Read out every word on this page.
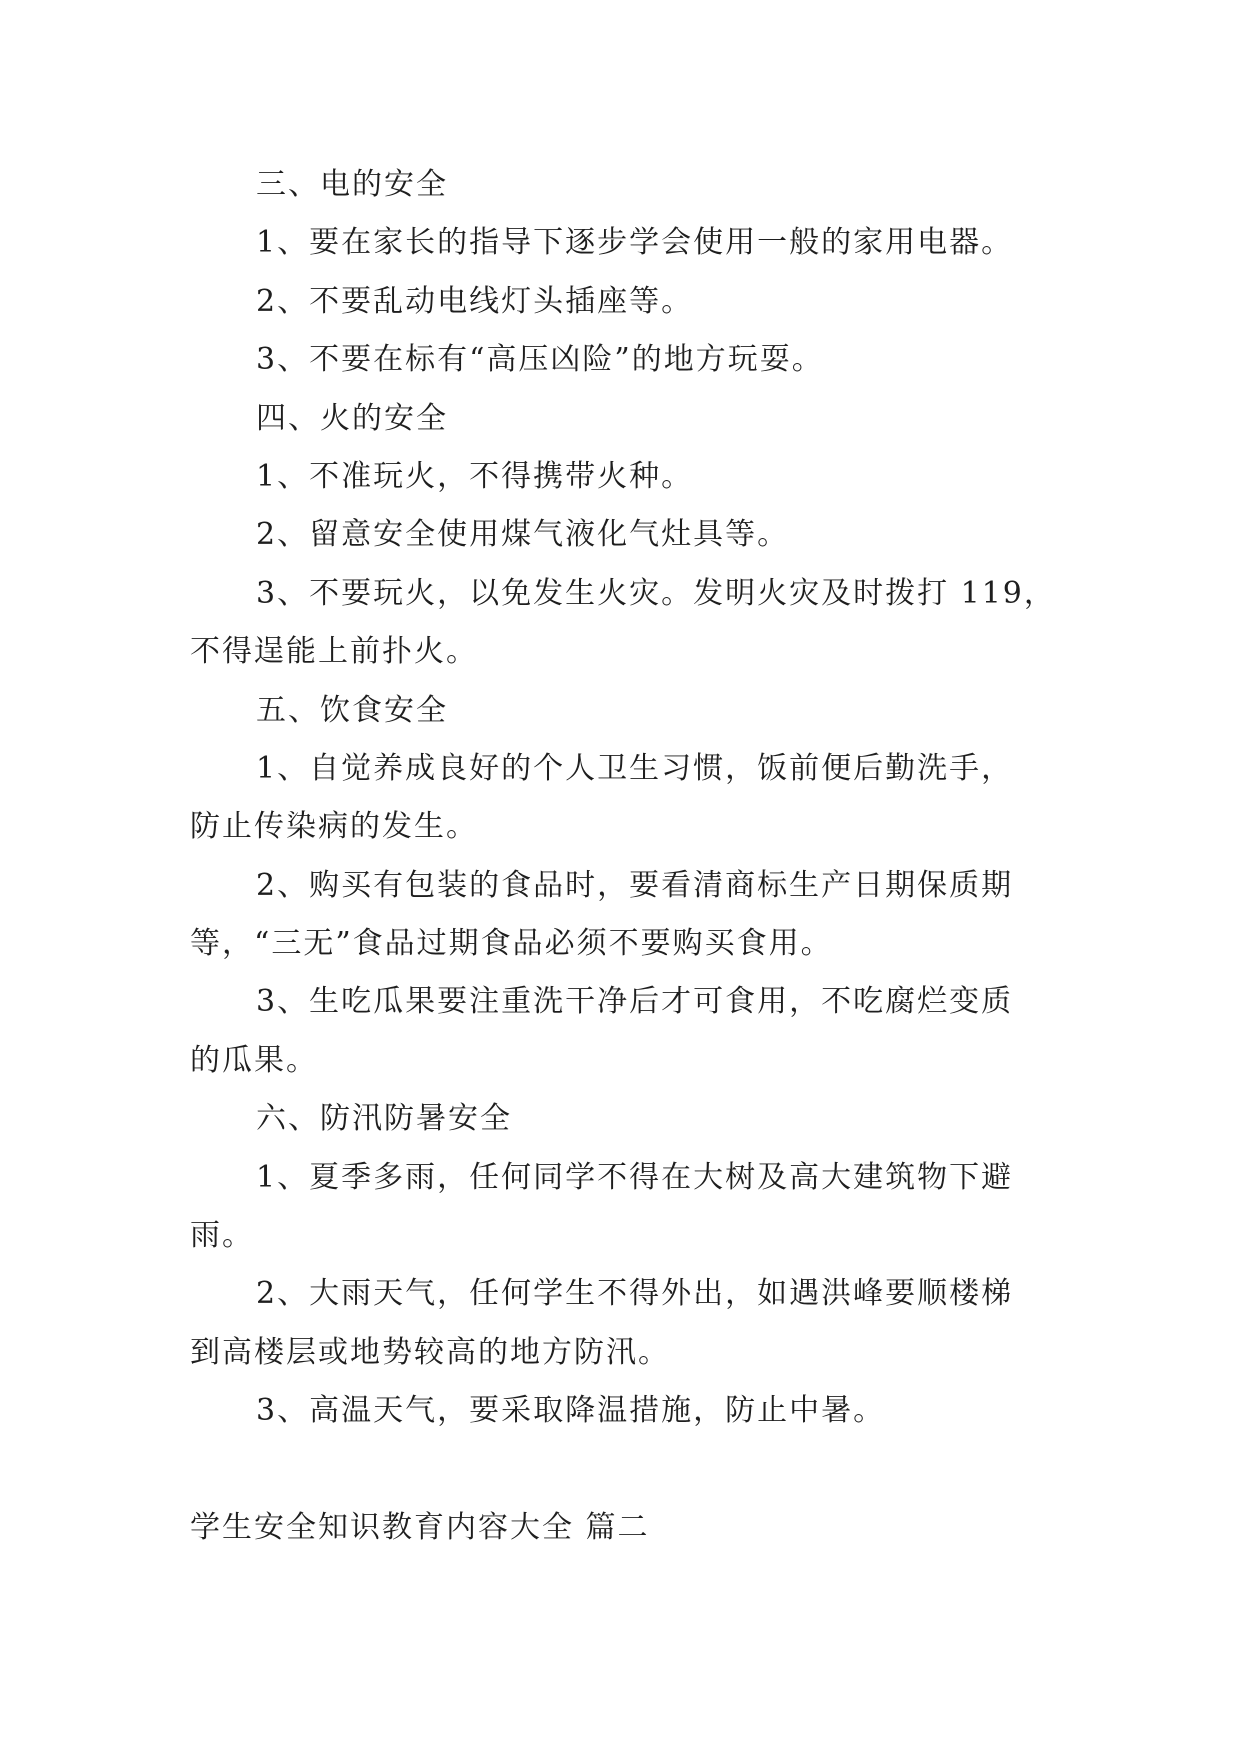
三、电的安全
1、要在家长的指导下逐步学会使用一般的家用电器。
2、不要乱动电线灯头插座等。
3、不要在标有“高压凶险”的地方玩耍。
四、火的安全
1、不准玩火，不得携带火种。
2、留意安全使用煤气液化气灶具等。
3、不要玩火，以免发生火灾。发明火灾及时拨打 119，
不得逞能上前扑火。
五、饮食安全
1、自觉养成良好的个人卫生习惯，饭前便后勤洗手，
防止传染病的发生。
2、购买有包装的食品时，要看清商标生产日期保质期
等，“三无”食品过期食品必须不要购买食用。
3、生吃瓜果要注重洗干净后才可食用，不吃腐烂变质
的瓜果。
六、防汛防暑安全
1、夏季多雨，任何同学不得在大树及高大建筑物下避
雨。
2、大雨天气，任何学生不得外出，如遇洪峰要顺楼梯
到高楼层或地势较高的地方防汛。
3、高温天气，要采取降温措施，防止中暑。
学生安全知识教育内容大全 篇二
